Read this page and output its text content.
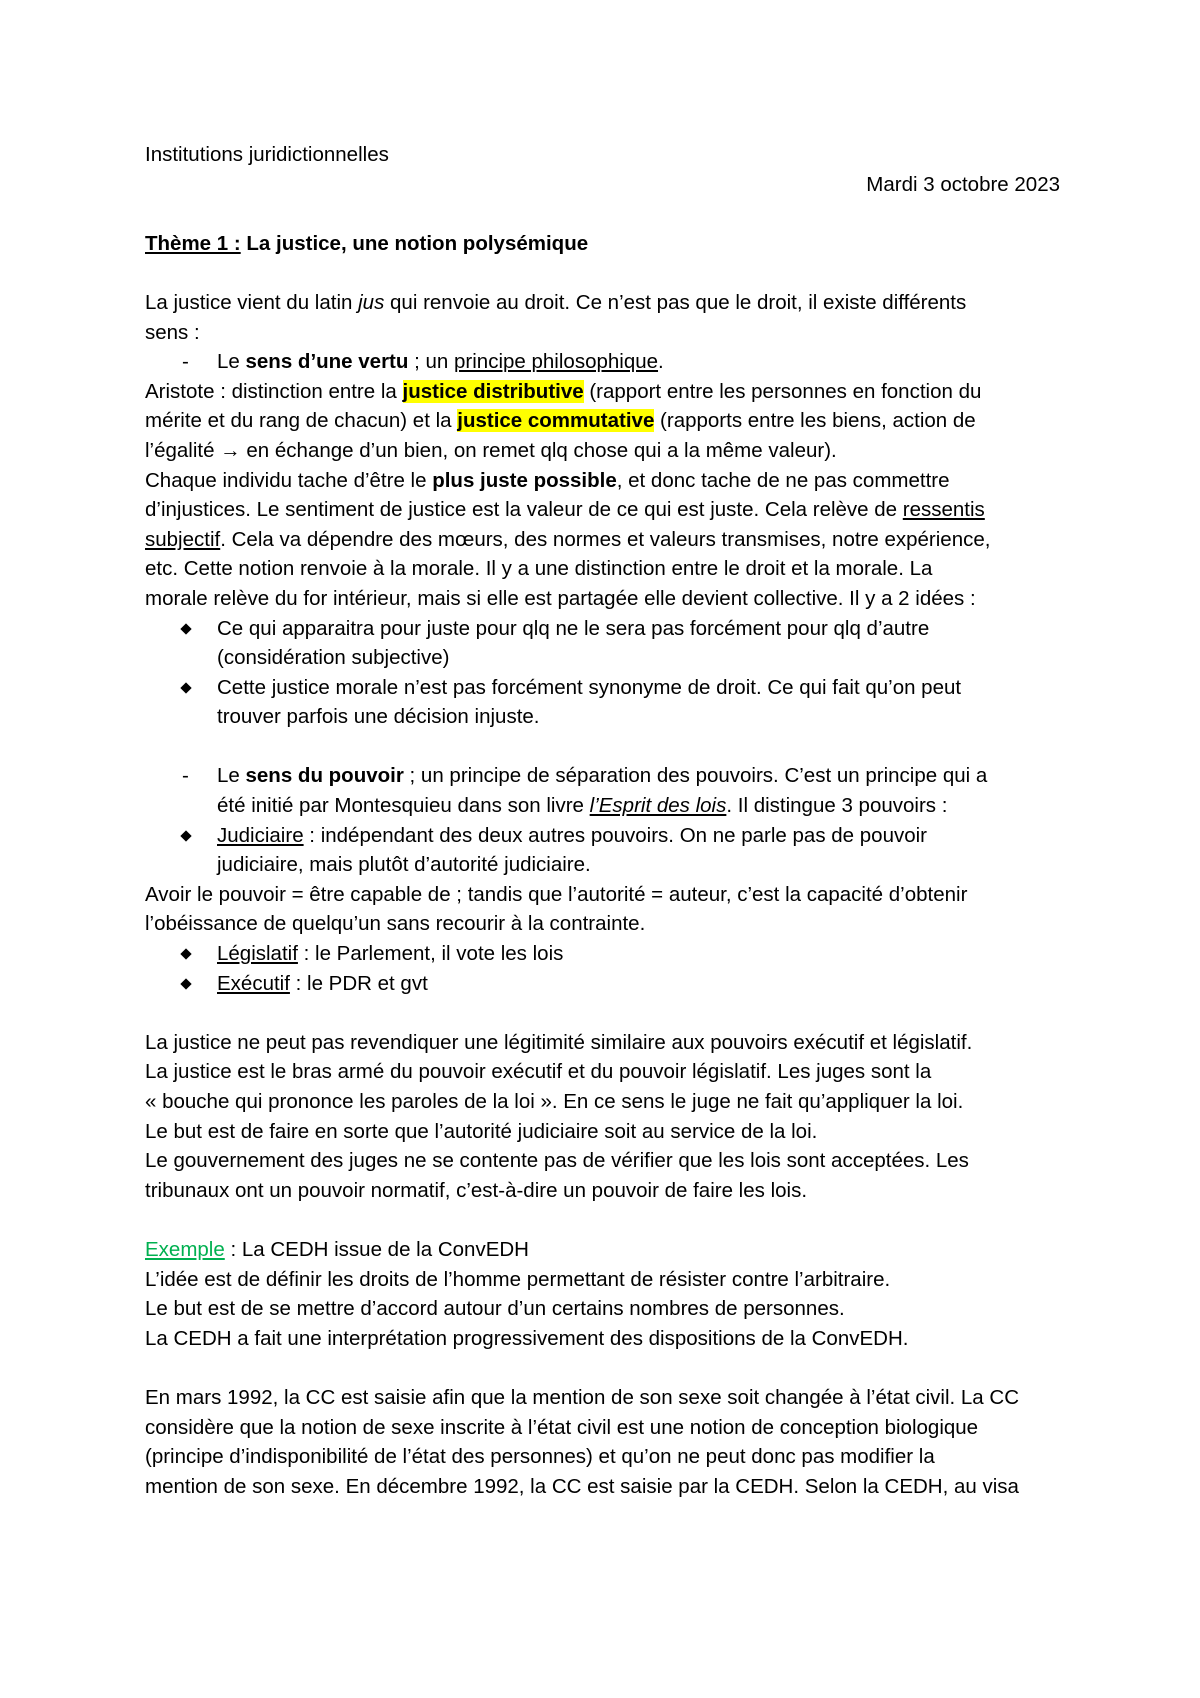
Institutions juridictionnelles
Mardi 3 octobre 2023
Thème 1 : La justice, une notion polysémique
La justice vient du latin jus qui renvoie au droit. Ce n’est pas que le droit, il existe différents
sens :
- Le sens d’une vertu ; un principe philosophique.
Aristote : distinction entre la justice distributive (rapport entre les personnes en fonction du
mérite et du rang de chacun) et la justice commutative (rapports entre les biens, action de
l’égalité → en échange d’un bien, on remet qlq chose qui a la même valeur).
Chaque individu tache d’être le plus juste possible, et donc tache de ne pas commettre
d’injustices. Le sentiment de justice est la valeur de ce qui est juste. Cela relève de ressentis
subjectif. Cela va dépendre des mœurs, des normes et valeurs transmises, notre expérience,
etc. Cette notion renvoie à la morale. Il y a une distinction entre le droit et la morale. La
morale relève du for intérieur, mais si elle est partagée elle devient collective. Il y a 2 idées :
Ce qui apparaitra pour juste pour qlq ne le sera pas forcément pour qlq d’autre
(considération subjective)
Cette justice morale n’est pas forcément synonyme de droit. Ce qui fait qu’on peut
trouver parfois une décision injuste.
- Le sens du pouvoir ; un principe de séparation des pouvoirs. C’est un principe qui a
été initié par Montesquieu dans son livre l’Esprit des lois. Il distingue 3 pouvoirs :
Judiciaire : indépendant des deux autres pouvoirs. On ne parle pas de pouvoir
judiciaire, mais plutôt d’autorité judiciaire.
Avoir le pouvoir = être capable de ; tandis que l’autorité = auteur, c’est la capacité d’obtenir
l’obéissance de quelqu’un sans recourir à la contrainte.
Législatif : le Parlement, il vote les lois
Exécutif : le PDR et gvt
La justice ne peut pas revendiquer une légitimité similaire aux pouvoirs exécutif et législatif.
La justice est le bras armé du pouvoir exécutif et du pouvoir législatif. Les juges sont la
« bouche qui prononce les paroles de la loi ». En ce sens le juge ne fait qu’appliquer la loi.
Le but est de faire en sorte que l’autorité judiciaire soit au service de la loi.
Le gouvernement des juges ne se contente pas de vérifier que les lois sont acceptées. Les
tribunaux ont un pouvoir normatif, c’est-à-dire un pouvoir de faire les lois.
Exemple : La CEDH issue de la ConvEDH
L’idée est de définir les droits de l’homme permettant de résister contre l’arbitraire.
Le but est de se mettre d’accord autour d’un certains nombres de personnes.
La CEDH a fait une interprétation progressivement des dispositions de la ConvEDH.
En mars 1992, la CC est saisie afin que la mention de son sexe soit changée à l’état civil. La CC
considère que la notion de sexe inscrite à l’état civil est une notion de conception biologique
(principe d’indisponibilité de l’état des personnes) et qu’on ne peut donc pas modifier la
mention de son sexe. En décembre 1992, la CC est saisie par la CEDH. Selon la CEDH, au visa
